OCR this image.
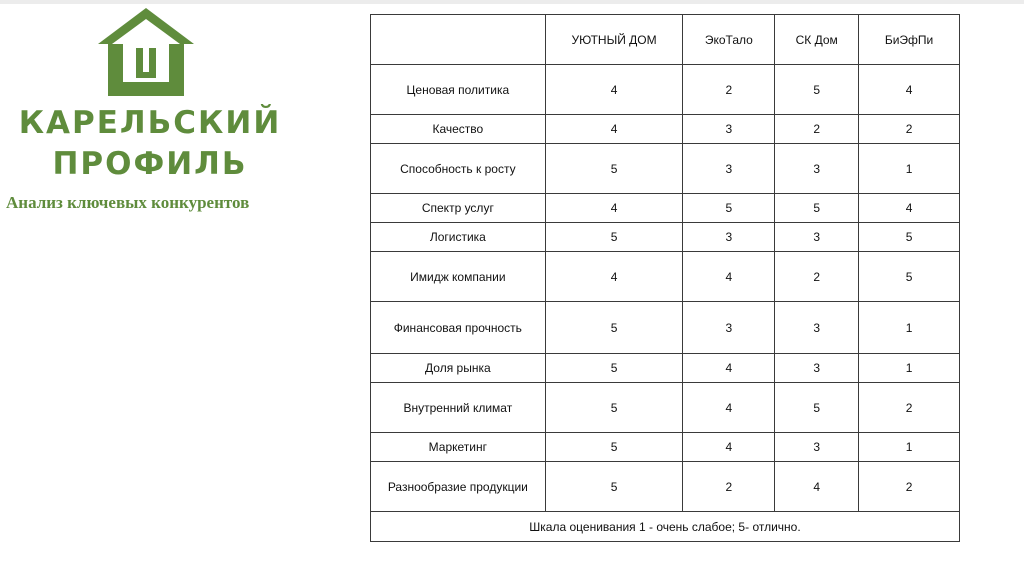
КАРЕЛЬСКИЙ
ПРОФИЛЬ
Анализ ключевых конкурентов
	УЮТНЫЙ ДОМ	ЭкоТало	СК Дом	БиЭфПи
Ценовая политика	4	2	5	4
Качество	4	3	2	2
Способность к росту	5	3	3	1
Спектр услуг	4	5	5	4
Логистика	5	3	3	5
Имидж компании	4	4	2	5
Финансовая прочность	5	3	3	1
Доля рынка	5	4	3	1
Внутренний климат	5	4	5	2
Маркетинг	5	4	3	1
Разнообразие продукции	5	2	4	2
Шкала оценивания 1 - очень слабое; 5- отлично.				
